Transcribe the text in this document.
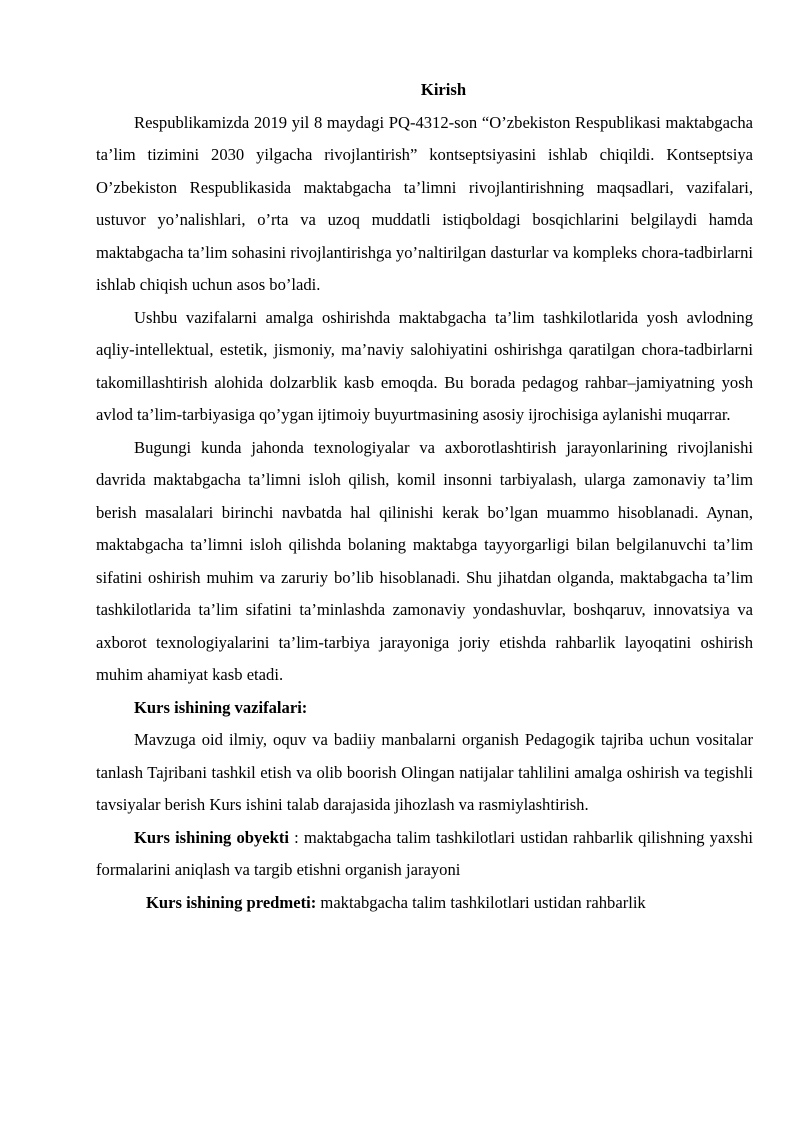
Kirish

Respublikamizda 2019 yil 8 maydagi PQ-4312-son “O’zbekiston Respublikasi maktabgacha ta’lim tizimini 2030 yilgacha rivojlantirish” kontseptsiyasini ishlab chiqildi. Kontseptsiya O’zbekiston Respublikasida maktabgacha ta’limni rivojlantirishning maqsadlari, vazifalari, ustuvor yo’nalishlari, o’rta va uzoq muddatli istiqboldagi bosqichlarini belgilaydi hamda maktabgacha ta’lim sohasini rivojlantirishga yo’naltirilgan dasturlar va kompleks chora-tadbirlarni ishlab chiqish uchun asos bo’ladi.

Ushbu vazifalarni amalga oshirishda maktabgacha ta’lim tashkilotlarida yosh avlodning aqliy-intellektual, estetik, jismoniy, ma’naviy salohiyatini oshirishga qaratilgan chora-tadbirlarni takomillashtirish alohida dolzarblik kasb emoqda. Bu borada pedagog rahbar–jamiyatning yosh avlod ta’lim-tarbiyasiga qo’ygan ijtimoiy buyurtmasining asosiy ijrochisiga aylanishi muqarrar.

Bugungi kunda jahonda texnologiyalar va axborotlashtirish jarayonlarining rivojlanishi davrida maktabgacha ta’limni isloh qilish, komil insonni tarbiyalash, ularga zamonaviy ta’lim berish masalalari birinchi navbatda hal qilinishi kerak bo’lgan muammo hisoblanadi. Aynan, maktabgacha ta’limni isloh qilishda bolaning maktabga tayyorgarligi bilan belgilanuvchi ta’lim sifatini oshirish muhim va zaruriy bo’lib hisoblanadi. Shu jihatdan olganda, maktabgacha ta’lim tashkilotlarida ta’lim sifatini ta’minlashda zamonaviy yondashuvlar, boshqaruv, innovatsiya va axborot texnologiyalarini ta’lim-tarbiya jarayoniga joriy etishda rahbarlik layoqatini oshirish muhim ahamiyat kasb etadi.

Kurs ishining vazifalari:

Mavzuga oid ilmiy, oquv va badiiy manbalarni organish Pedagogik tajriba uchun vositalar tanlash Tajribani tashkil etish va olib boorish Olingan natijalar tahlilini amalga oshirish va tegishli tavsiyalar berish Kurs ishini talab darajasida jihozlash va rasmiylashtirish.

Kurs ishining obyekti : maktabgacha talim tashkilotlari ustidan rahbarlik qilishning yaxshi formalarini aniqlash va targib etishni organish jarayoni

Kurs ishining predmeti: maktabgacha talim tashkilotlari ustidan rahbarlik
